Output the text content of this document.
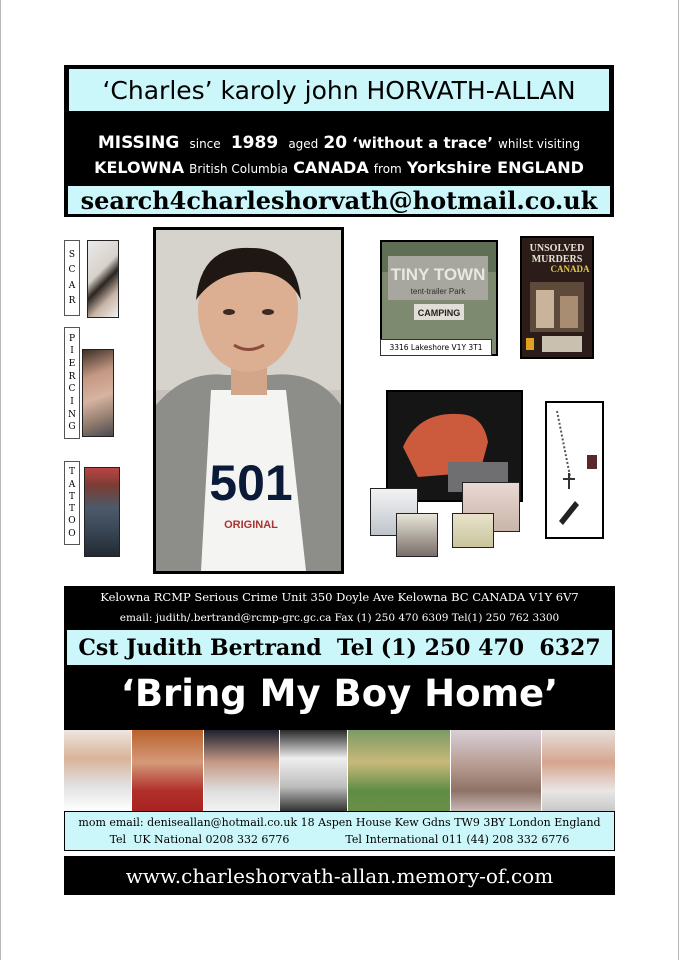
‘Charles’ karoly john HORVATH-ALLAN
MISSING since 1989 aged 20 ‘without a trace’ whilst visiting
KELOWNA British Columbia CANADA from Yorkshire ENGLAND
search4charleshorvath@hotmail.co.uk
S
C
A
R
P
I
E
R
C
I
N
G
T
A
T
T
O
O
501
ORIGINAL
TINY TOWN
tent-trailer Park
CAMPING
3316 Lakeshore V1Y 3T1
UNSOLVED
MURDERS
CANADA
Kelowna RCMP Serious Crime Unit 350 Doyle Ave Kelowna BC CANADA V1Y 6V7
email: judith/.bertrand@rcmp-grc.gc.ca Fax (1) 250 470 6309 Tel(1) 250 762 3300
Cst Judith Bertrand  Tel (1) 250 470  6327
‘Bring My Boy Home’
mom email: deniseallan@hotmail.co.uk 18 Aspen House Kew Gdns TW9 3BY London England
Tel  UK National 0208 332 6776                Tel International 011 (44) 208 332 6776
www.charleshorvath-allan.memory-of.com
